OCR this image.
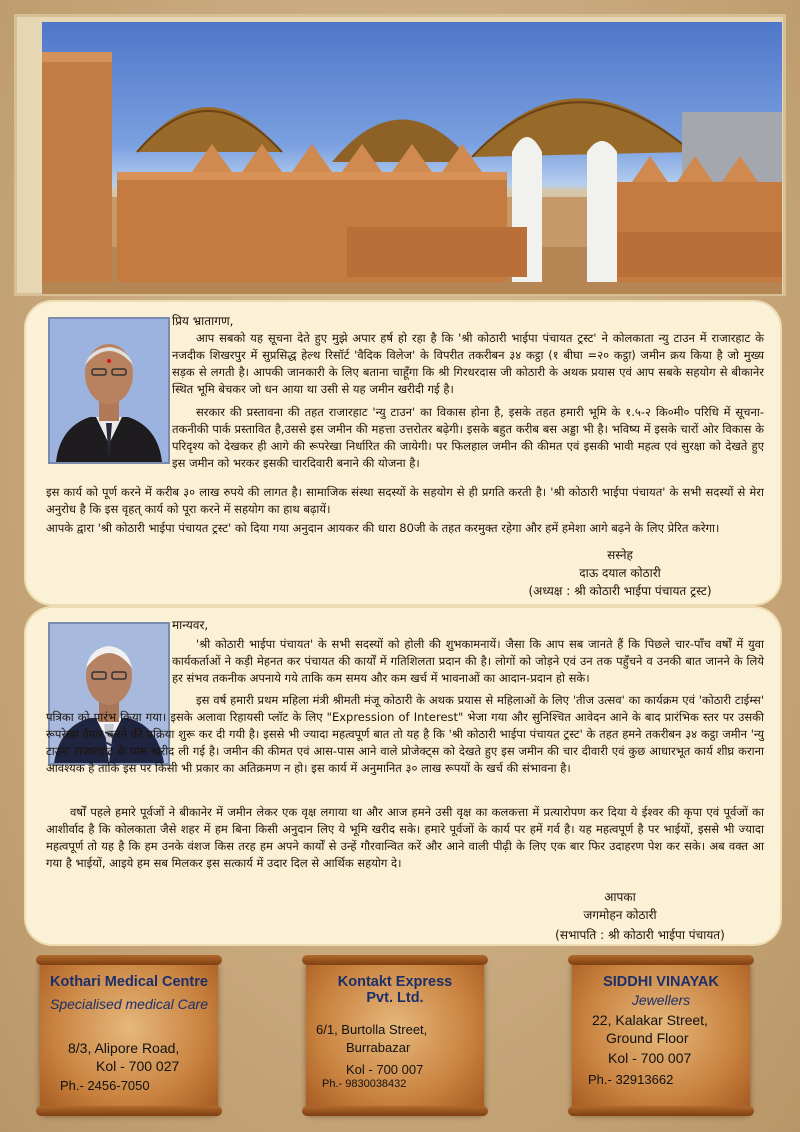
प्रिय भ्रातागण,
आप सबको यह सूचना देते हुए मुझे अपार हर्ष हो रहा है कि 'श्री कोठारी भाईपा पंचायत ट्रस्ट' ने कोलकाता न्यु टाउन में राजारहाट के नजदीक शिखरपुर में सुप्रसिद्ध हेल्थ रिसॉर्ट 'वैदिक विलेज' के विपरीत तकरीबन ३४ कट्ठा (१ बीघा =२० कट्ठा) जमीन क्रय किया है जो मुख्य सड़क से लगती है। आपकी जानकारी के लिए बताना चाहूँगा कि श्री गिरधरदास जी कोठारी के अथक प्रयास एवं आप सबके सहयोग से बीकानेर स्थित भूमि बेचकर जो धन आया था उसी से यह जमीन खरीदी गई है।
सरकार की प्रस्तावना की तहत राजारहाट 'न्यु टाउन' का विकास होना है, इसके तहत हमारी भूमि के १.५-२ कि०मी० परिधि में सूचना-तकनीकी पार्क प्रस्तावित है,उससे इस जमीन की महत्ता उत्तरोतर बढ़ेगी। इसके बहुत करीब बस अड्डा भी है। भविष्य में इसके चारों ओर विकास के परिदृश्य को देखकर ही आगे की रूपरेखा निर्धारित की जायेगी। पर फिलहाल जमीन की कीमत एवं इसकी भावी महत्व एवं सुरक्षा को देखते हुए इस जमीन को भरकर इसकी चारदिवारी बनाने की योजना है।
इस कार्य को पूर्ण करने में करीब ३० लाख रुपये की लागत है। सामाजिक संस्था सदस्यों के सहयोग से ही प्रगति करती है। 'श्री कोठारी भाईपा पंचायत' के सभी सदस्यों से मेरा अनुरोध है कि इस वृहत् कार्य को पूरा करने में सहयोग का हाथ बढ़ायें।
आपके द्वारा 'श्री कोठारी भाईपा पंचायत ट्रस्ट' को दिया गया अनुदान आयकर की धारा 80जी के तहत करमुक्त रहेगा और हमें हमेशा आगे बढ़ने के लिए प्रेरित करेगा।
सस्नेह
दाऊ दयाल कोठारी
(अध्यक्ष : श्री कोठारी भाईपा पंचायत ट्रस्ट)
मान्यवर,
'श्री कोठारी भाईपा पंचायत' के सभी सदस्यों को होली की शुभकामनायें। जैसा कि आप सब जानते हैं कि पिछले चार-पाँच वर्षों में युवा कार्यकर्ताओं ने कड़ी मेहनत कर पंचायत की कार्यों में गतिशिलता प्रदान की है। लोगों को जोड़ने एवं उन तक पहुँचने व उनकी बात जानने के लिये हर संभव तकनीक अपनाये गये ताकि कम समय और कम खर्च में भावनाओं का आदान-प्रदान हो सके।
इस वर्ष हमारी प्रथम महिला मंत्री श्रीमती मंजू कोठारी के अथक प्रयास से महिलाओं के लिए 'तीज उत्सव' का कार्यक्रम एवं 'कोठारी टाईम्स' पत्रिका को प्रारंभ किया गया। इसके अलावा रिहायसी प्लॉट के लिए "Expression of Interest" भेजा गया और सुनिश्चित आवेदन आने के बाद प्रारंभिक स्तर पर उसकी रूपरेखा तैयार करने की प्रक्रिया शुरू कर दी गयी है। इससे भी ज्यादा महत्वपूर्ण बात तो यह है कि 'श्री कोठारी भाईपा पंचायत ट्रस्ट' के तहत हमने तकरीबन ३४ कट्ठा जमीन 'न्यु टाउन' राजारहाट के पास खरीद ली गई है। जमीन की कीमत एवं आस-पास आने वाले प्रोजेक्ट्स को देखते हुए इस जमीन की चार दीवारी एवं कुछ आधारभूत कार्य शीघ्र कराना आवश्यक है ताकि इस पर किसी भी प्रकार का अतिक्रमण न हो। इस कार्य में अनुमानित ३० लाख रूपयों के खर्च की संभावना है।
वर्षों पहले हमारे पूर्वजों ने बीकानेर में जमीन लेकर एक वृक्ष लगाया था और आज हमने उसी वृक्ष का कलकत्ता में प्रत्यारोपण कर दिया ये ईश्वर की कृपा एवं पूर्वजों का आशीर्वाद है कि कोलकाता जैसे शहर में हम बिना किसी अनुदान लिए ये भूमि खरीद सके। हमारे पूर्वजों के कार्य पर हमें गर्व है। यह महत्वपूर्ण है पर भाईयों, इससे भी ज्यादा महत्वपूर्ण तो यह है कि हम उनके वंशज किस तरह हम अपने कार्यों से उन्हें गौरवान्वित करें और आने वाली पीढ़ी के लिए एक बार फिर उदाहरण पेश कर सके। अब वक्त आ गया है भाईयों, आइये हम सब मिलकर इस सत्कार्य में उदार दिल से आर्थिक सहयोग दे।
आपका
जगमोहन कोठारी
(सभापति : श्री कोठारी भाईपा पंचायत)
Kothari Medical Centre
Specialised medical Care
8/3, Alipore Road,
Kol - 700 027
Ph.- 2456-7050
Kontakt Express Pvt. Ltd.
6/1, Burtolla Street,
Burrabazar
Kol - 700 007
Ph.- 9830038432
SIDDHI VINAYAK
Jewellers
22, Kalakar Street,
Ground Floor
Kol - 700 007
Ph.- 32913662
